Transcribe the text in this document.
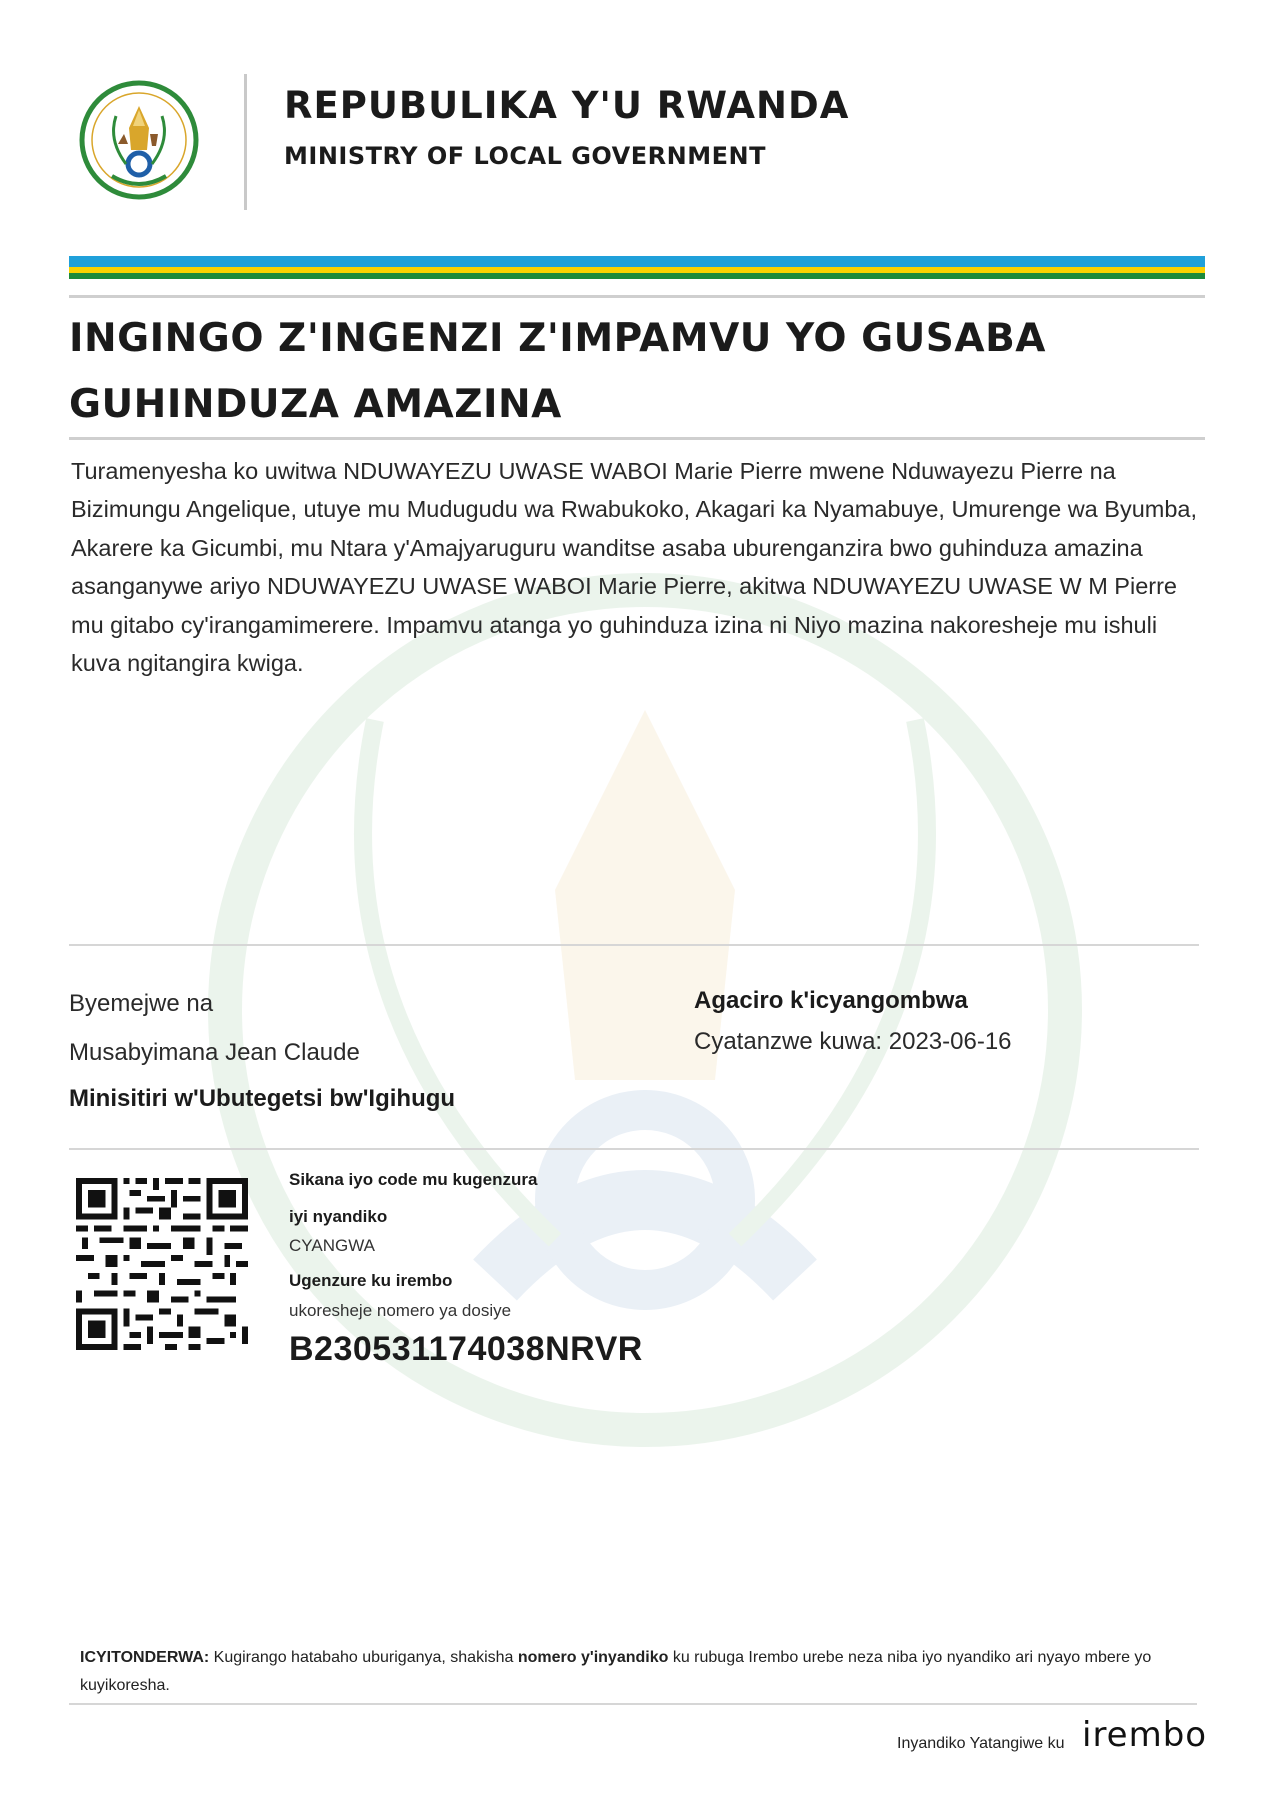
REPUBULIKA Y'U RWANDA
MINISTRY OF LOCAL GOVERNMENT
INGINGO Z'INGENZI Z'IMPAMVU YO GUSABA GUHINDUZA AMAZINA
Turamenyesha ko uwitwa NDUWAYEZU UWASE WABOI Marie Pierre mwene Nduwayezu Pierre na Bizimungu Angelique, utuye mu Mudugudu wa Rwabukoko, Akagari ka Nyamabuye, Umurenge wa Byumba, Akarere ka Gicumbi, mu Ntara y'Amajyaruguru wanditse asaba uburenganzira bwo guhinduza amazina asanganywe ariyo NDUWAYEZU UWASE WABOI Marie Pierre, akitwa NDUWAYEZU UWASE W M Pierre mu gitabo cy'irangamimerere. Impamvu atanga yo guhinduza izina ni Niyo mazina nakoresheje mu ishuli kuva ngitangira kwiga.
Byemejwe na
Musabyimana Jean Claude
Minisitiri w'Ubutegetsi bw'Igihugu
Agaciro k'icyangombwa
Cyatanzwe kuwa: 2023-06-16
Sikana iyo code mu kugenzura
iyi nyandiko
CYANGWA
Ugenzure ku irembo
ukoresheje nomero ya dosiye
B230531174038NRVR
ICYITONDERWA: Kugirango hatabaho uburiganya, shakisha nomero y'inyandiko ku rubuga Irembo urebe neza niba iyo nyandiko ari nyayo mbere yo kuyikoresha.
Inyandiko Yatangiwe ku irembo
